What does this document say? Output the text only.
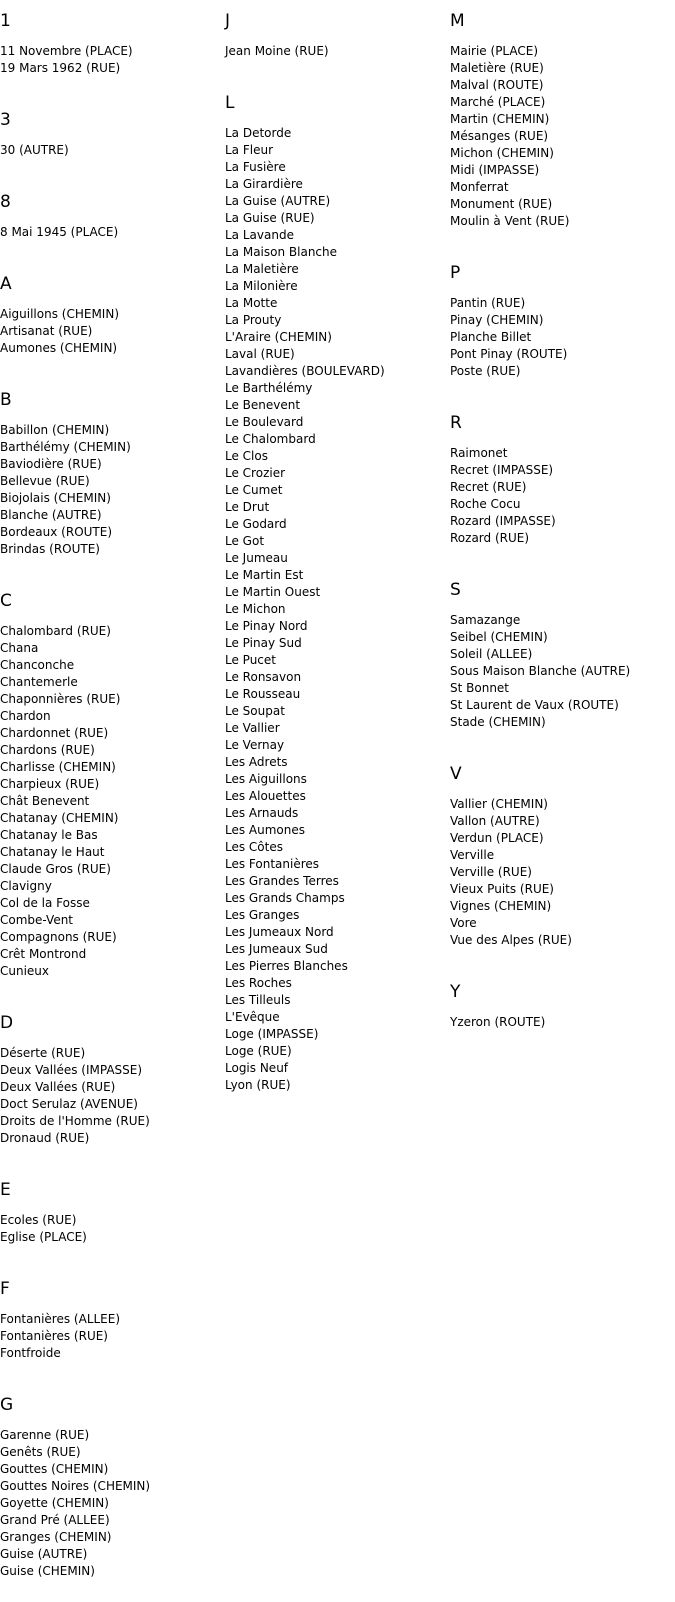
1
11 Novembre (PLACE)
19 Mars 1962 (RUE)
3
30 (AUTRE)
8
8 Mai 1945 (PLACE)
A
Aiguillons (CHEMIN)
Artisanat (RUE)
Aumones (CHEMIN)
B
Babillon (CHEMIN)
Barthélémy (CHEMIN)
Baviodière (RUE)
Bellevue (RUE)
Biojolais (CHEMIN)
Blanche (AUTRE)
Bordeaux (ROUTE)
Brindas (ROUTE)
C
Chalombard (RUE)
Chana
Chanconche
Chantemerle
Chaponnières (RUE)
Chardon
Chardonnet (RUE)
Chardons (RUE)
Charlisse (CHEMIN)
Charpieux (RUE)
Chât Benevent
Chatanay (CHEMIN)
Chatanay le Bas
Chatanay le Haut
Claude Gros (RUE)
Clavigny
Col de la Fosse
Combe-Vent
Compagnons (RUE)
Crêt Montrond
Cunieux
D
Déserte (RUE)
Deux Vallées (IMPASSE)
Deux Vallées (RUE)
Doct Serulaz (AVENUE)
Droits de l'Homme (RUE)
Dronaud (RUE)
E
Ecoles (RUE)
Eglise (PLACE)
F
Fontanières (ALLEE)
Fontanières (RUE)
Fontfroide
G
Garenne (RUE)
Genêts (RUE)
Gouttes (CHEMIN)
Gouttes Noires (CHEMIN)
Goyette (CHEMIN)
Grand Pré (ALLEE)
Granges (CHEMIN)
Guise (AUTRE)
Guise (CHEMIN)
J
Jean Moine (RUE)
L
La Detorde
La Fleur
La Fusière
La Girardière
La Guise (AUTRE)
La Guise (RUE)
La Lavande
La Maison Blanche
La Maletière
La Milonière
La Motte
La Prouty
L'Araire (CHEMIN)
Laval (RUE)
Lavandières (BOULEVARD)
Le Barthélémy
Le Benevent
Le Boulevard
Le Chalombard
Le Clos
Le Crozier
Le Cumet
Le Drut
Le Godard
Le Got
Le Jumeau
Le Martin Est
Le Martin Ouest
Le Michon
Le Pinay Nord
Le Pinay Sud
Le Pucet
Le Ronsavon
Le Rousseau
Le Soupat
Le Vallier
Le Vernay
Les Adrets
Les Aiguillons
Les Alouettes
Les Arnauds
Les Aumones
Les Côtes
Les Fontanières
Les Grandes Terres
Les Grands Champs
Les Granges
Les Jumeaux Nord
Les Jumeaux Sud
Les Pierres Blanches
Les Roches
Les Tilleuls
L'Evêque
Loge (IMPASSE)
Loge (RUE)
Logis Neuf
Lyon (RUE)
M
Mairie (PLACE)
Maletière (RUE)
Malval (ROUTE)
Marché (PLACE)
Martin (CHEMIN)
Mésanges (RUE)
Michon (CHEMIN)
Midi (IMPASSE)
Monferrat
Monument (RUE)
Moulin à Vent (RUE)
P
Pantin (RUE)
Pinay (CHEMIN)
Planche Billet
Pont Pinay (ROUTE)
Poste (RUE)
R
Raimonet
Recret (IMPASSE)
Recret (RUE)
Roche Cocu
Rozard (IMPASSE)
Rozard (RUE)
S
Samazange
Seibel (CHEMIN)
Soleil (ALLEE)
Sous Maison Blanche (AUTRE)
St Bonnet
St Laurent de Vaux (ROUTE)
Stade (CHEMIN)
V
Vallier (CHEMIN)
Vallon (AUTRE)
Verdun (PLACE)
Verville
Verville (RUE)
Vieux Puits (RUE)
Vignes (CHEMIN)
Vore
Vue des Alpes (RUE)
Y
Yzeron (ROUTE)
